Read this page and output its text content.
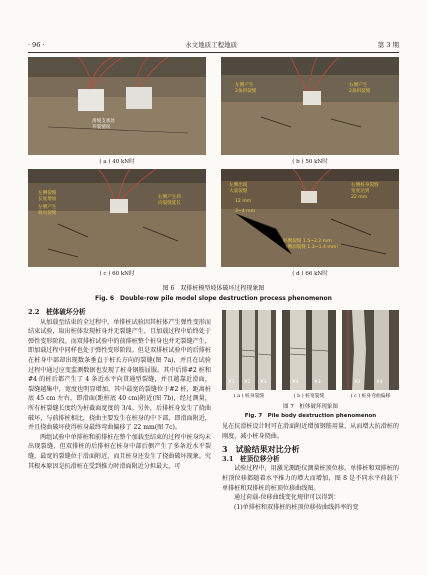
· 96 ·	水文地质工程地质	第 3 期
滑坡支承处
开裂情况
左侧产生
2条斜裂缝
右侧产生
2条斜裂缝
( a ) 40 kN时	( b ) 50 kN时
左侧裂缝
长度增加
左侧产生
斜向裂缝
右侧产生斜
向裂缝延长
左侧出现
大量裂缝
12 mm
3~4 mm
右侧桩身裂缝
宽度达到
22 mm
桩侧裂缝 1.5~2.2 mm
（侧面裂缝 1.3~1.4 mm）
( c ) 60 kN时	( d ) 66 kN时
图 6　双排桩模型坡体破坏过程现象图
Fig. 6　Double-row pile model slope destruction process phenomenon

2.2　桩体破坏分析

从加载至结束的全过程中，单排桩试验因其桩体产生弹性变形而结束试验，取出桩体发现桩身并无裂缝产生，且加载过程中始终处于弹性变形阶段。而双排桩试验中的前排桩整个桩身也并无裂缝产生，即加载过程中同样也处于弹性变形阶段。但是双排桩试验中的后排桩在桩身中部却出现数条垂直于桩长方向的裂缝(图 7a)，并且在试验过程中通过应变监测数据也发现了桩身钢筋屈服。其中后排#2 桩和#4 的桩后都产生了 4 条近水平向贯通型裂缝，并且越靠近滑面，裂缝越集中，宽度也明显增加。其中最宽的裂缝位于#2 桩，距离桩底 45 cm 左右，即滑面(距桩底 40 cm)附近(图 7b)，经过测量，所有桩裂缝长度约为桩截面宽度的 3/4。另外，后排桩身发生了挠曲破坏，与前排桩相比，挠曲主要发生在桩身的中下部，即滑面附近，并且挠曲破坏使得桩身最终弯曲偏移了 22 mm(图 7c)。

两组试验中单排桩和前排桩在整个加载至结束的过程中桩身均未出现裂缝，但双排桩的后排桩在桩身中部后侧产生了多条近水平裂缝，最宽的裂缝位于滑面附近，而且桩身还发生了挠曲破坏现象。究其根本原因是抗滑桩在受到推力时滑面附近分担最大，可

#1 #2 #3	#4	#3	#2	#4
( a ) 桩身裂缝	( b ) 桩宽裂缝	( c ) 桩身弯曲偏移
图 7　桩体破坏现象图
Fig. 7　Pile body destruction phenomenon

见在抗滑桩设计时可在滑面附近增加钢筋用量，从而增大抗滑桩的刚度，减小桩身挠曲。

3　试验结果对比分析

3.1　桩顶位移分析

试验过程中，用激光测距仪测量桩顶位移。单排桩和双排桩的桩顶位移都随着水平推力的增大而增加，图 8 是不同水平荷载下单排桩和双排桩的桩顶位移曲线图。

通过荷载-位移曲线变化规律可以得到：

(1)单排桩和双排桩的桩顶位移按曲线斜率的变
